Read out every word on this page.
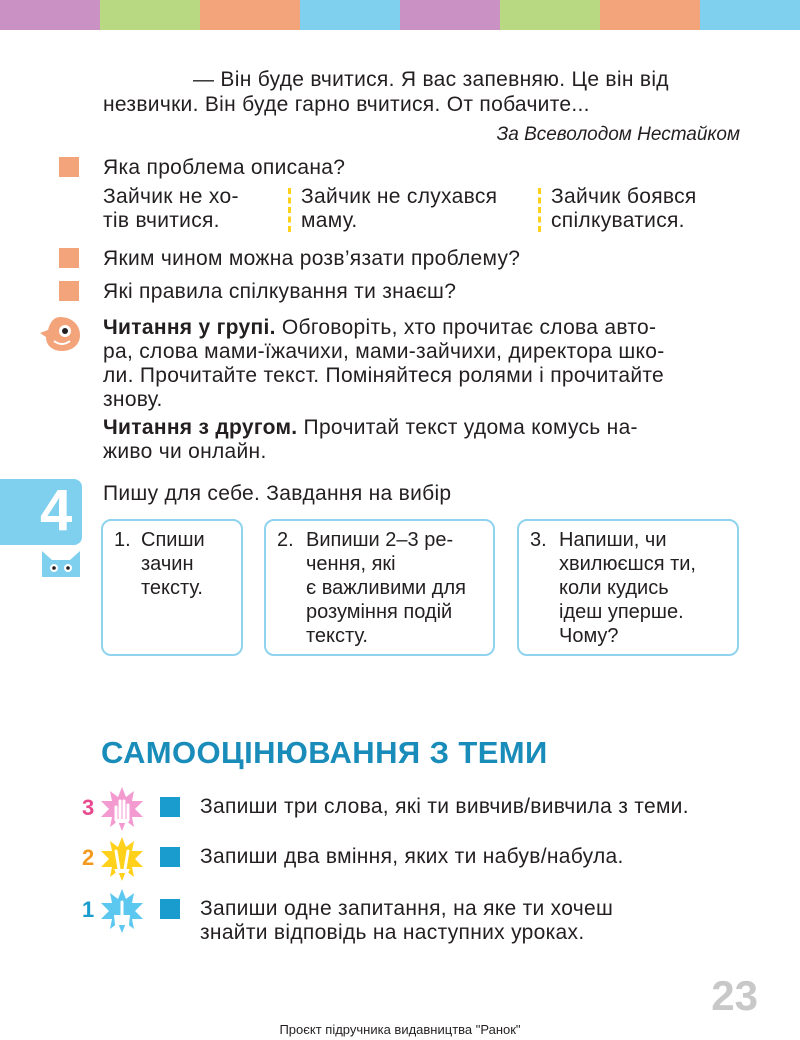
— Він буде вчитися. Я вас запевняю. Це він від
незвички. Він буде гарно вчитися. От побачите...
За Всеволодом Нестайком
Яка проблема описана?
Зайчик не хо-
тів вчитися.
Зайчик не слухався
маму.
Зайчик боявся
спілкуватися.
Яким чином можна розв’язати проблему?
Які правила спілкування ти знаєш?
Читання у групі. Обговоріть, хто прочитає слова авто-
ра, слова мами-їжачихи, мами-зайчихи, директора шко-
ли. Прочитайте текст. Поміняйтеся ролями і прочитайте
знову.
Читання з другом. Прочитай текст удома комусь на-
живо чи онлайн.
4 Пишу для себе. Завдання на вибір
1. Спиши
зачин
тексту.
2. Випиши 2–3 ре-
чення, які
є важливими для
розуміння подій
тексту.
3. Напиши, чи
хвилюєшся ти,
коли кудись
ідеш уперше.
Чому?
САМООЦІНЮВАННЯ З ТЕМИ
3	Запиши три слова, які ти вивчив/вивчила з теми.
2	Запиши два вміння, яких ти набув/набула.
1	Запиши одне запитання, на яке ти хочеш
знайти відповідь на наступних уроках.
23
Проєкт підручника видавництва "Ранок"
